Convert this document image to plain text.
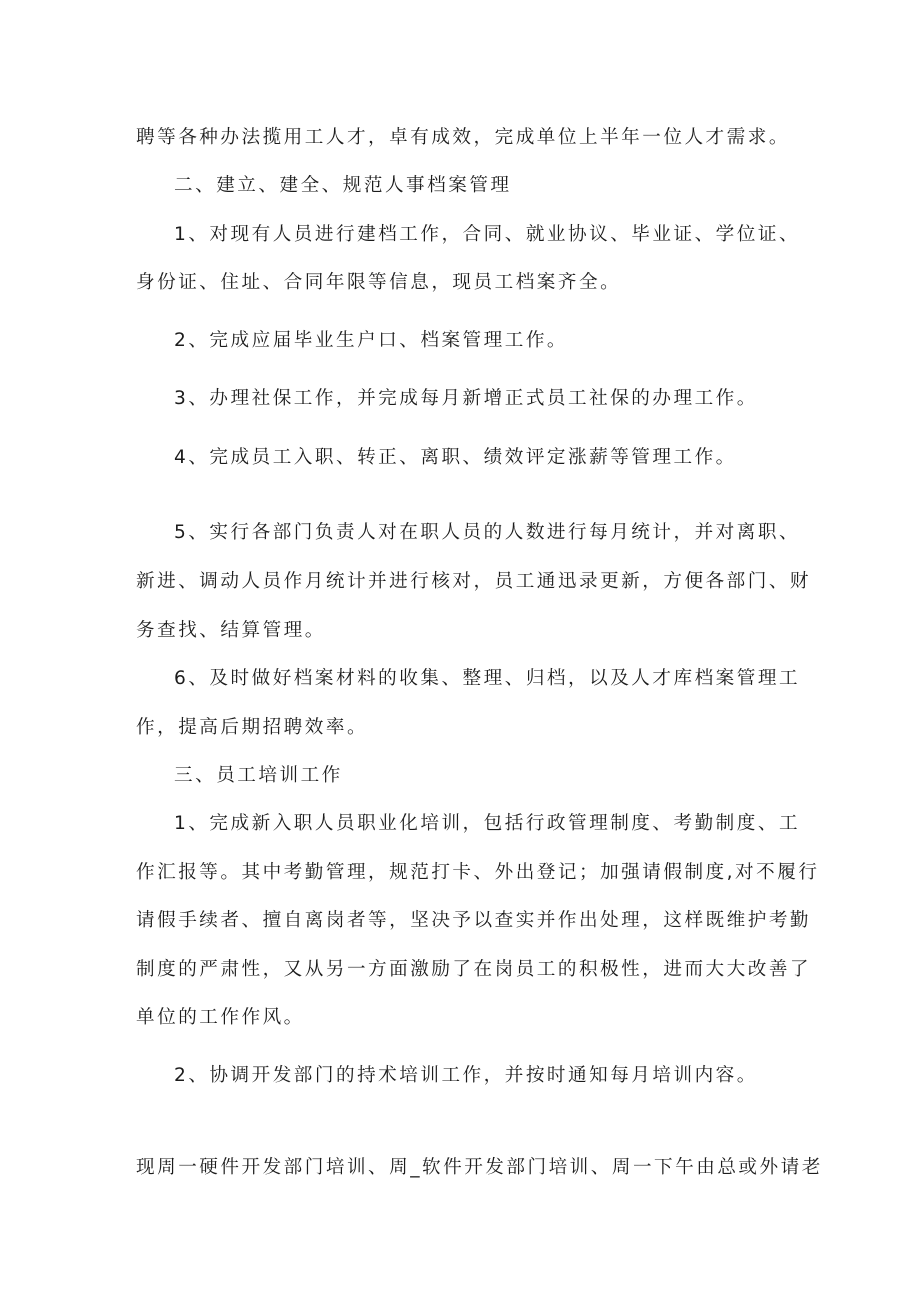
聘等各种办法揽用工人才，卓有成效，完成单位上半年一位人才需求。
二、建立、建全、规范人事档案管理
1、对现有人员进行建档工作，合同、就业协议、毕业证、学位证、
身份证、住址、合同年限等信息，现员工档案齐全。
2、完成应届毕业生户口、档案管理工作。
3、办理社保工作，并完成每月新增正式员工社保的办理工作。
4、完成员工入职、转正、离职、绩效评定涨薪等管理工作。
5、实行各部门负责人对在职人员的人数进行每月统计，并对离职、
新进、调动人员作月统计并进行核对，员工通迅录更新，方便各部门、财
务查找、结算管理。
6、及时做好档案材料的收集、整理、归档，以及人才库档案管理工
作，提高后期招聘效率。
三、员工培训工作
1、完成新入职人员职业化培训，包括行政管理制度、考勤制度、工
作汇报等。其中考勤管理，规范打卡、外出登记；加强请假制度,对不履行
请假手续者、擅自离岗者等，坚决予以查实并作出处理，这样既维护考勤
制度的严肃性，又从另一方面激励了在岗员工的积极性，进而大大改善了
单位的工作作风。
2、协调开发部门的持术培训工作，并按时通知每月培训内容。
现周一硬件开发部门培训、周_软件开发部门培训、周一下午由总或外请老
